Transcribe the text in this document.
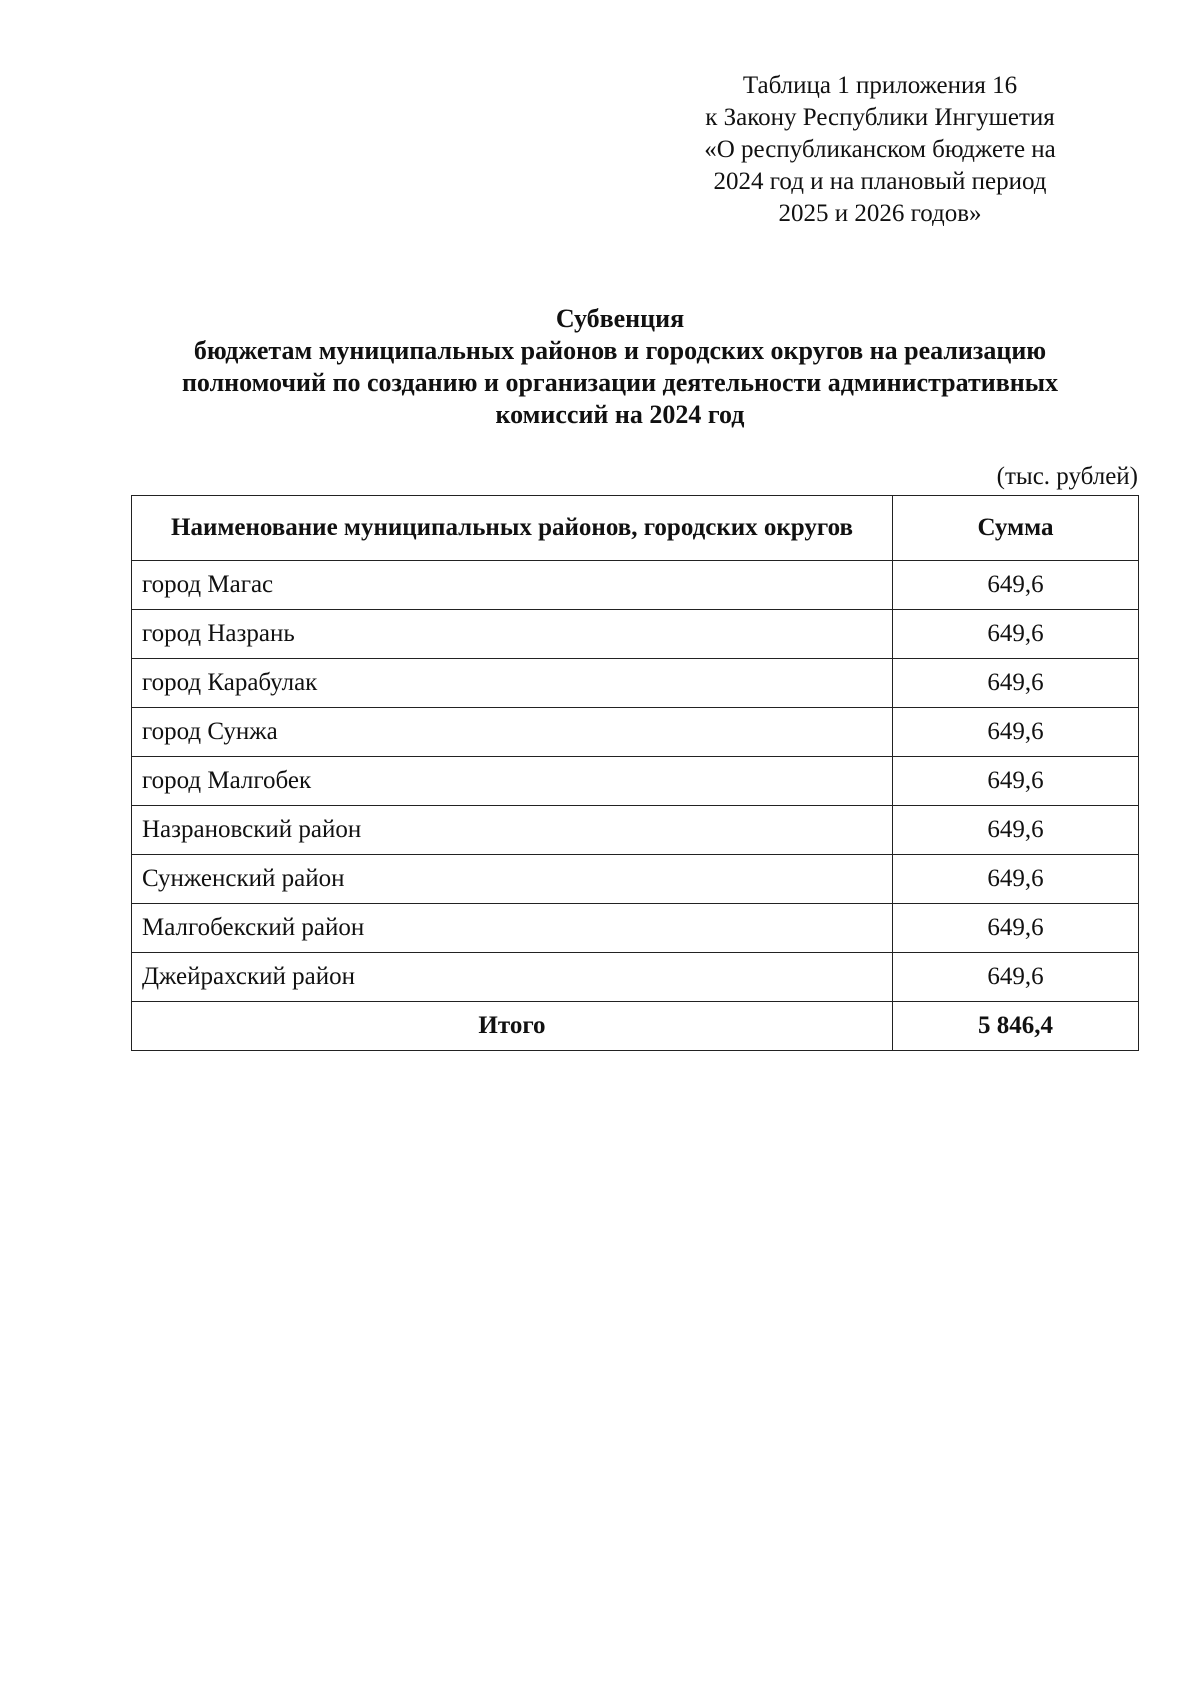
Таблица 1 приложения 16
к Закону Республики Ингушетия
«О республиканском бюджете на
2024 год и на плановый период
2025 и 2026 годов»
Субвенция
бюджетам муниципальных районов и городских округов на реализацию
полномочий по созданию и организации деятельности административных
комиссий на 2024 год
(тыс. рублей)
Наименование муниципальных районов, городских округов	Сумма
город Магас	649,6
город Назрань	649,6
город Карабулак	649,6
город Сунжа	649,6
город Малгобек	649,6
Назрановский район	649,6
Сунженский район	649,6
Малгобекский район	649,6
Джейрахский район	649,6
Итого	5 846,4
